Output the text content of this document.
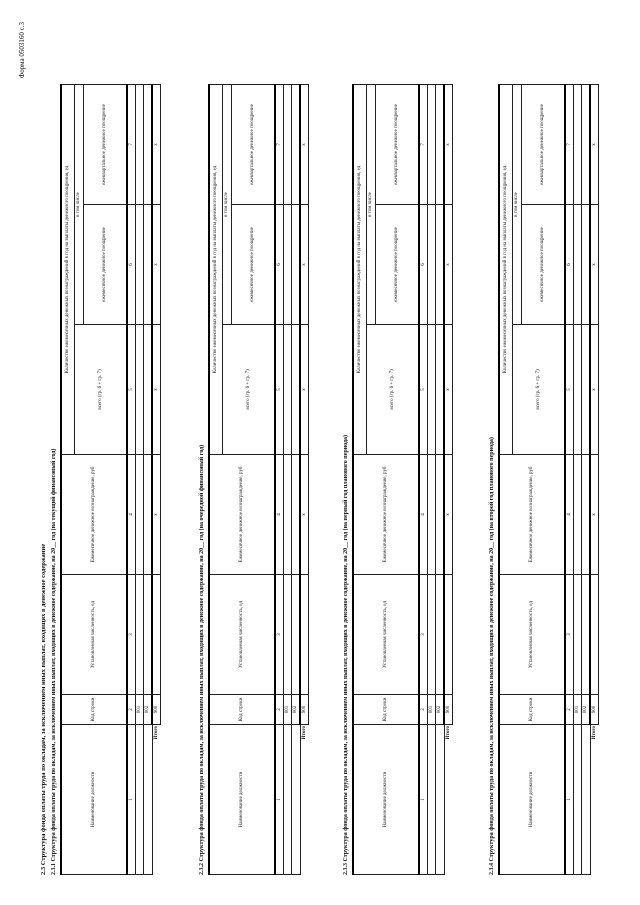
Форма 0503160 с.3
2.3 Структура фонда оплаты труда по окладам, за исключением иных выплат, входящих в денежное содержание 2.3.1 Структура фонда оплаты труда по окладам, за исключением иных выплат, входящих в денежное содержание, на 20__ год (на текущий финансовый год)	Наименование должности	Код строки	Установленная численность, ед	Ежемесячное денежное вознаграждение, руб	Количество ежемесячных денежных вознаграждений в год на выплаты денежного поощрения, ед		
				всего (гр. 6 + гр. 7)	в том числе	
					ежемесячное денежное поощрение	ежеквартальное денежное поощрение
1	2	3	4	5	6	7
	001					
	002					
Итого	900		x	x	x	x
2.3.2 Структура фонда оплаты труда по окладам, за исключением иных выплат, входящих в денежное содержание, на 20__ год (на очередной финансовый год)	Наименование должности	Код строки	Установленная численность, ед	Ежемесячное денежное вознаграждение, руб	Количество ежемесячных денежных вознаграждений в год на выплаты денежного поощрения, ед		
				всего (гр. 6 + гр. 7)	в том числе	
					ежемесячное денежное поощрение	ежеквартальное денежное поощрение
1	2	3	4	5	6	7
	001					
	002					
Итого	900		x	x	x	x
2.3.3 Структура фонда оплаты труда по окладам, за исключением иных выплат, входящих в денежное содержание, на 20__ год (на первый год планового периода)	Наименование должности	Код строки	Установленная численность, ед	Ежемесячное денежное вознаграждение, руб	Количество ежемесячных денежных вознаграждений в год на выплаты денежного поощрения, ед		
				всего (гр. 6 + гр. 7)	в том числе	
					ежемесячное денежное поощрение	ежеквартальное денежное поощрение
1	2	3	4	5	6	7
	001					
	002					
Итого	900		x	x	x	x
2.3.4 Структура фонда оплаты труда по окладам, за исключением иных выплат, входящих в денежное содержание, на 20__ год (на второй год планового периода)	Наименование должности	Код строки	Установленная численность, ед	Ежемесячное денежное вознаграждение, руб	Количество ежемесячных денежных вознаграждений в год на выплаты денежного поощрения, ед		
				всего (гр. 6 + гр. 7)	в том числе	
					ежемесячное денежное поощрение	ежеквартальное денежное поощрение
1	2	3	4	5	6	7
	001					
	002					
Итого	900		x	x	x	x
